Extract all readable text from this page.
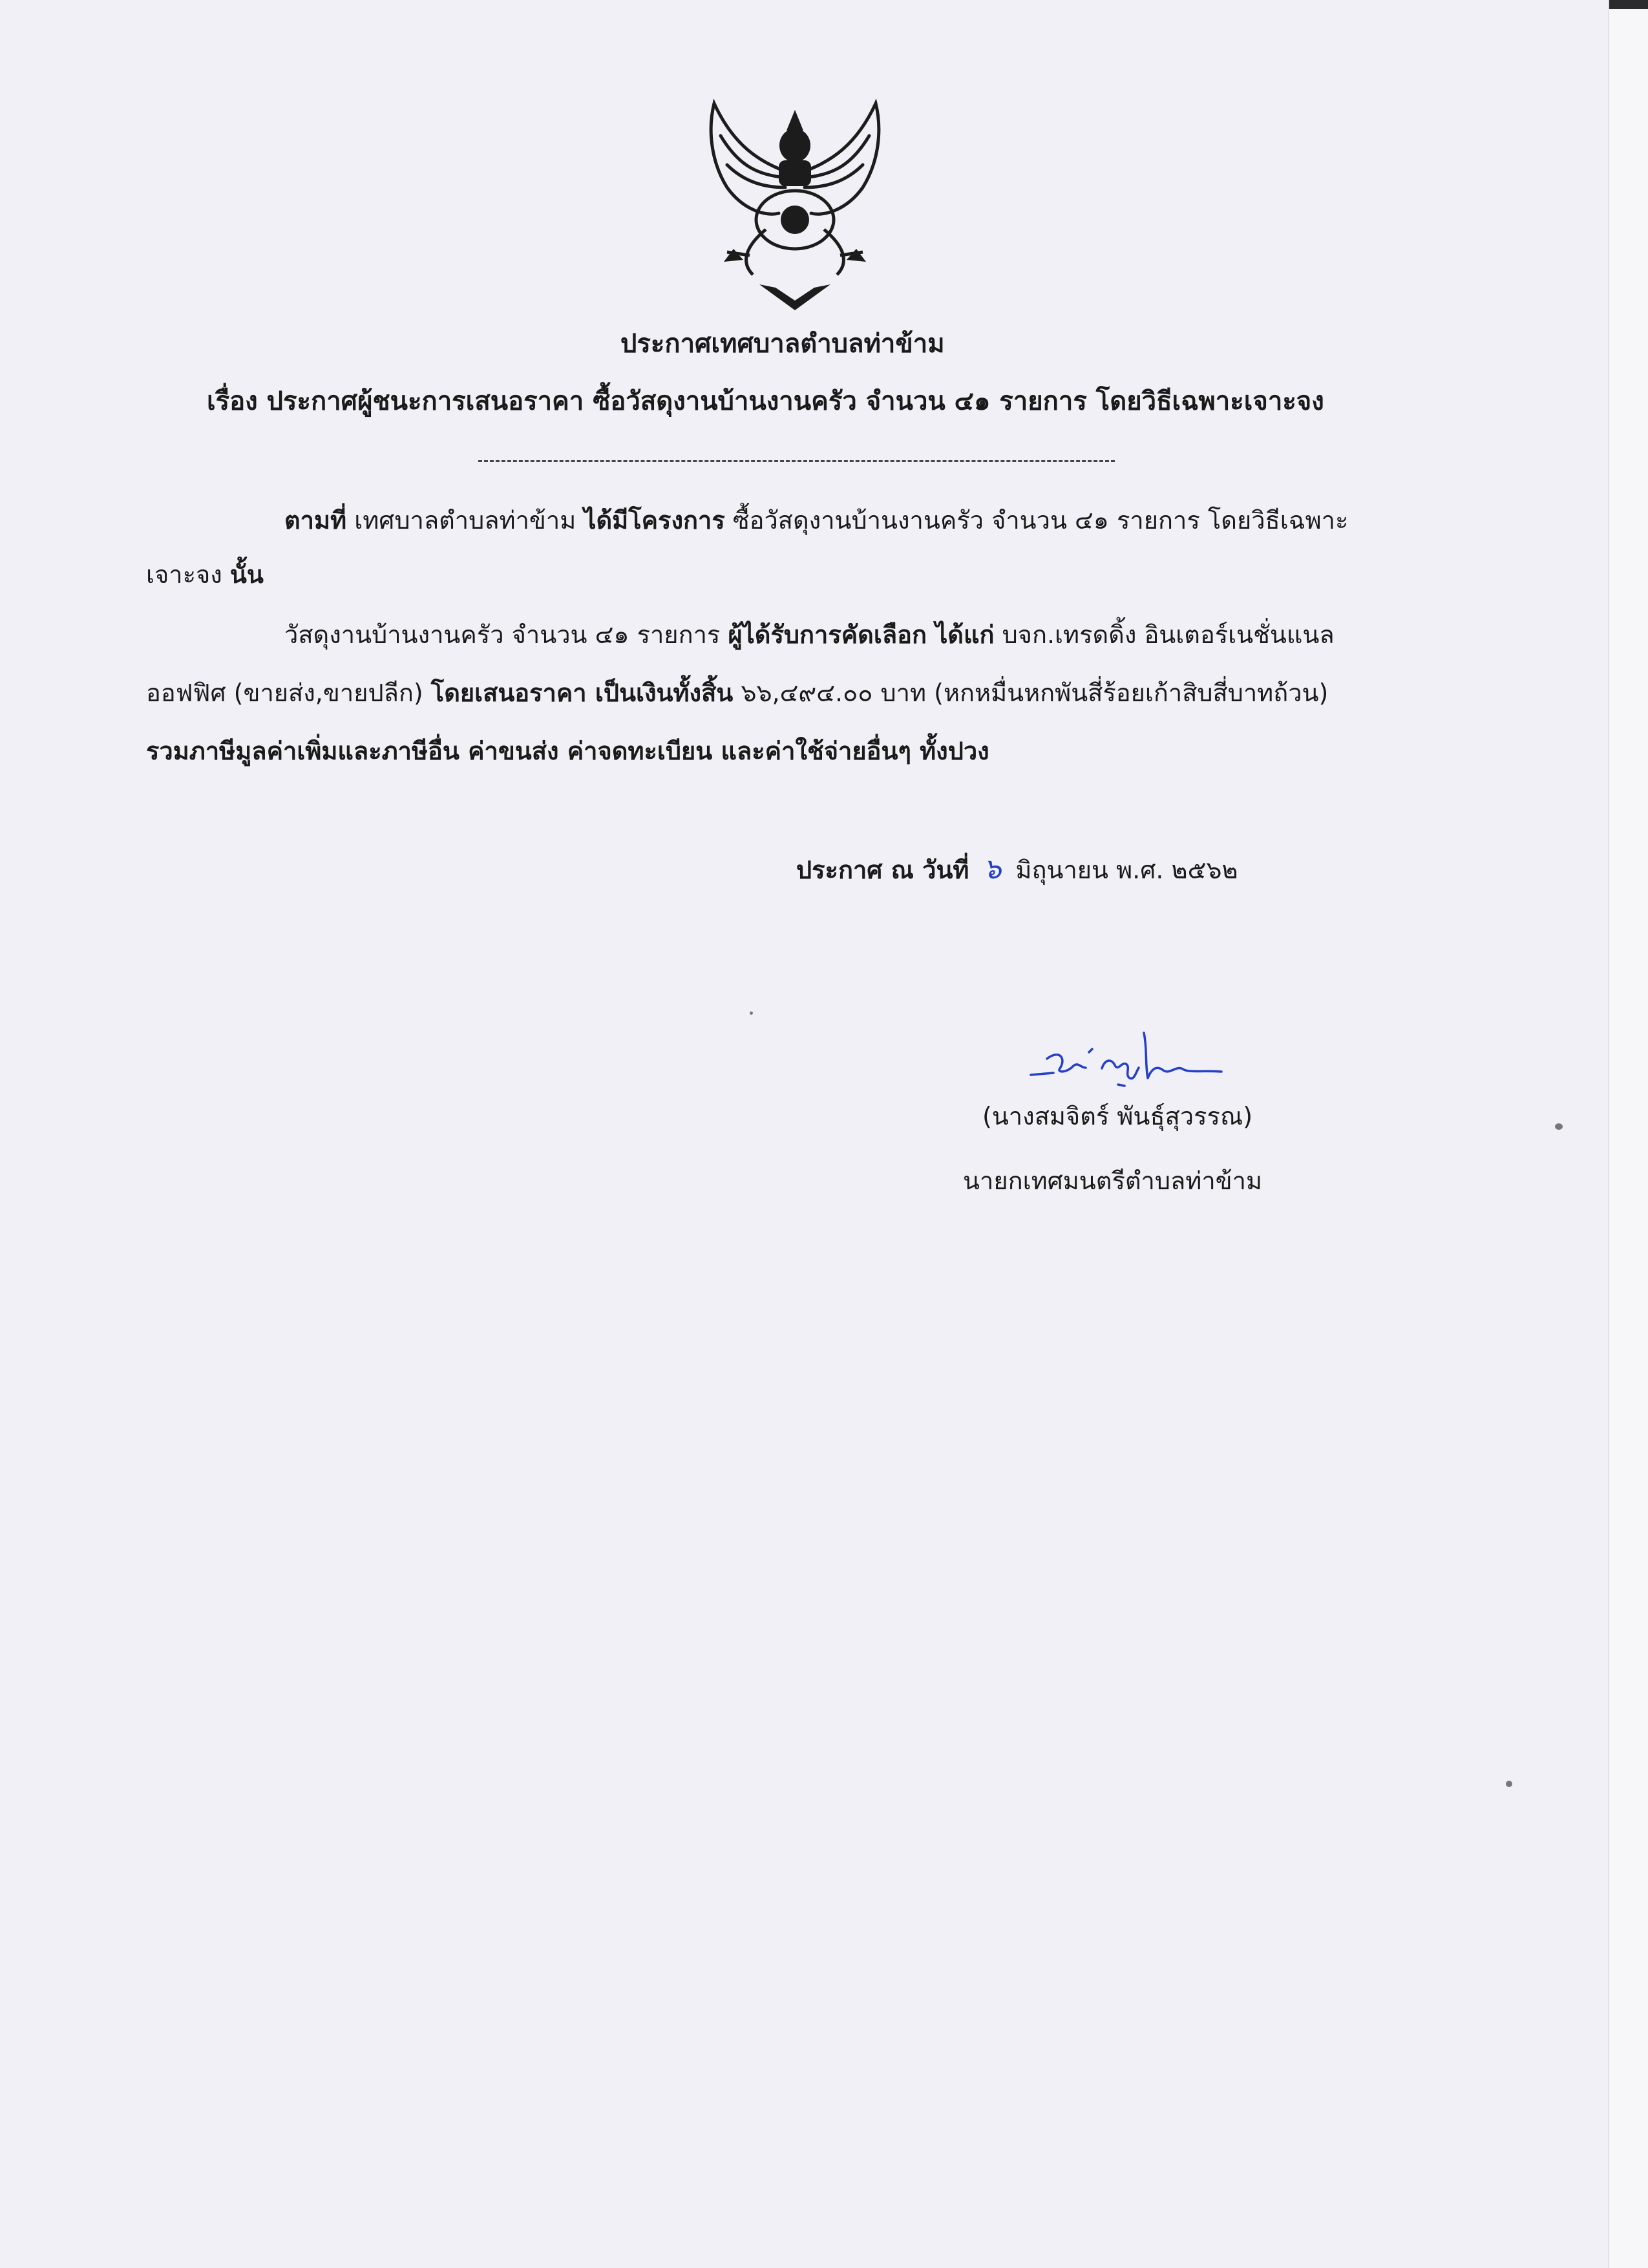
ประกาศเทศบาลตำบลท่าข้าม
เรื่อง ประกาศผู้ชนะการเสนอราคา ซื้อวัสดุงานบ้านงานครัว จำนวน ๔๑ รายการ โดยวิธีเฉพาะเจาะจง
ตามที่ เทศบาลตำบลท่าข้าม ได้มีโครงการ ซื้อวัสดุงานบ้านงานครัว จำนวน ๔๑ รายการ โดยวิธีเฉพาะ
เจาะจง นั้น
วัสดุงานบ้านงานครัว จำนวน ๔๑ รายการ ผู้ได้รับการคัดเลือก ได้แก่ บจก.เทรดดิ้ง อินเตอร์เนชั่นแนล
ออฟฟิศ (ขายส่ง,ขายปลีก) โดยเสนอราคา เป็นเงินทั้งสิ้น ๖๖,๔๙๔.๐๐ บาท (หกหมื่นหกพันสี่ร้อยเก้าสิบสี่บาทถ้วน)
รวมภาษีมูลค่าเพิ่มและภาษีอื่น ค่าขนส่ง ค่าจดทะเบียน และค่าใช้จ่ายอื่นๆ ทั้งปวง
ประกาศ ณ วันที่ ๖ มิถุนายน พ.ศ. ๒๕๖๒
(นางสมจิตร์ พันธุ์สุวรรณ)
นายกเทศมนตรีตำบลท่าข้าม
